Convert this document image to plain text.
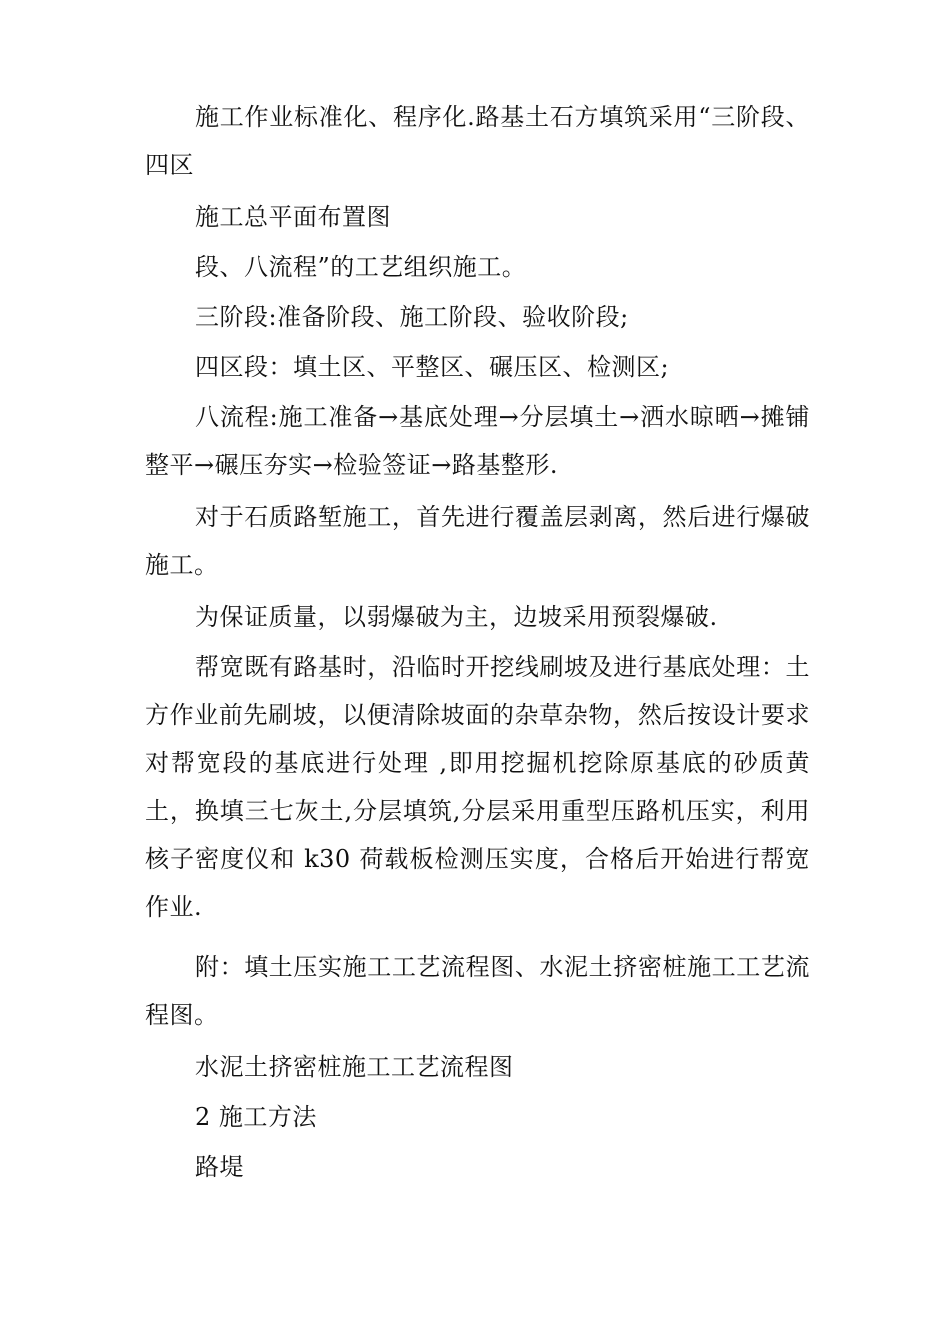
施工作业标准化、程序化.路基土石方填筑采用“三阶段、四区

施工总平面布置图

段、八流程”的工艺组织施工。

三阶段:准备阶段、施工阶段、验收阶段;

四区段：填土区、平整区、碾压区、检测区;

八流程:施工准备→基底处理→分层填土→洒水晾晒→摊铺整平→碾压夯实→检验签证→路基整形.

对于石质路堑施工，首先进行覆盖层剥离，然后进行爆破施工。

为保证质量，以弱爆破为主，边坡采用预裂爆破.

帮宽既有路基时，沿临时开挖线刷坡及进行基底处理：土方作业前先刷坡，以便清除坡面的杂草杂物，然后按设计要求对帮宽段的基底进行处理 ,即用挖掘机挖除原基底的砂质黄土，换填三七灰土,分层填筑,分层采用重型压路机压实，利用核子密度仪和 k30 荷载板检测压实度，合格后开始进行帮宽作业.

附：填土压实施工工艺流程图、水泥土挤密桩施工工艺流程图。

水泥土挤密桩施工工艺流程图

2 施工方法

路堤
